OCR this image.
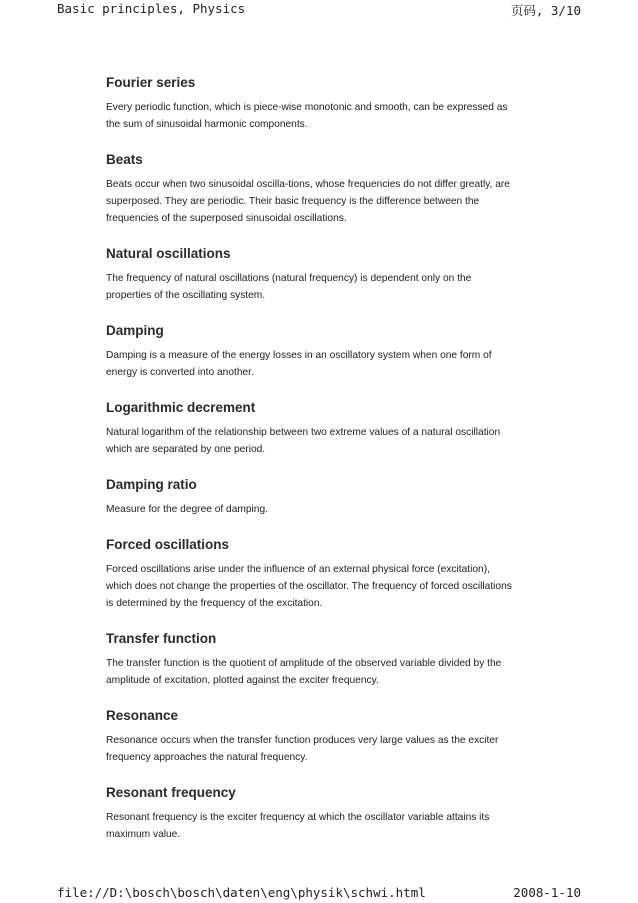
Basic principles, Physics	页码, 3/10
Fourier series

Every periodic function, which is piece-wise monotonic and smooth, can be expressed as the sum of sinusoidal harmonic components.

Beats

Beats occur when two sinusoidal oscilla-tions, whose frequencies do not differ greatly, are superposed. They are periodic. Their basic frequency is the difference between the frequencies of the superposed sinusoidal oscillations.

Natural oscillations

The frequency of natural oscillations (natural frequency) is dependent only on the properties of the oscillating system.

Damping

Damping is a measure of the energy losses in an oscillatory system when one form of energy is converted into another.

Logarithmic decrement

Natural logarithm of the relationship between two extreme values of a natural oscillation which are separated by one period.

Damping ratio

Measure for the degree of damping.

Forced oscillations

Forced oscillations arise under the influence of an external physical force (excitation), which does not change the properties of the oscillator. The frequency of forced oscillations is determined by the frequency of the excitation.

Transfer function

The transfer function is the quotient of amplitude of the observed variable divided by the amplitude of excitation, plotted against the exciter frequency.

Resonance

Resonance occurs when the transfer function produces very large values as the exciter frequency approaches the natural frequency.

Resonant frequency

Resonant frequency is the exciter frequency at which the oscillator variable attains its maximum value.

file://D:\bosch\bosch\daten\eng\physik\schwi.html	2008-1-10
